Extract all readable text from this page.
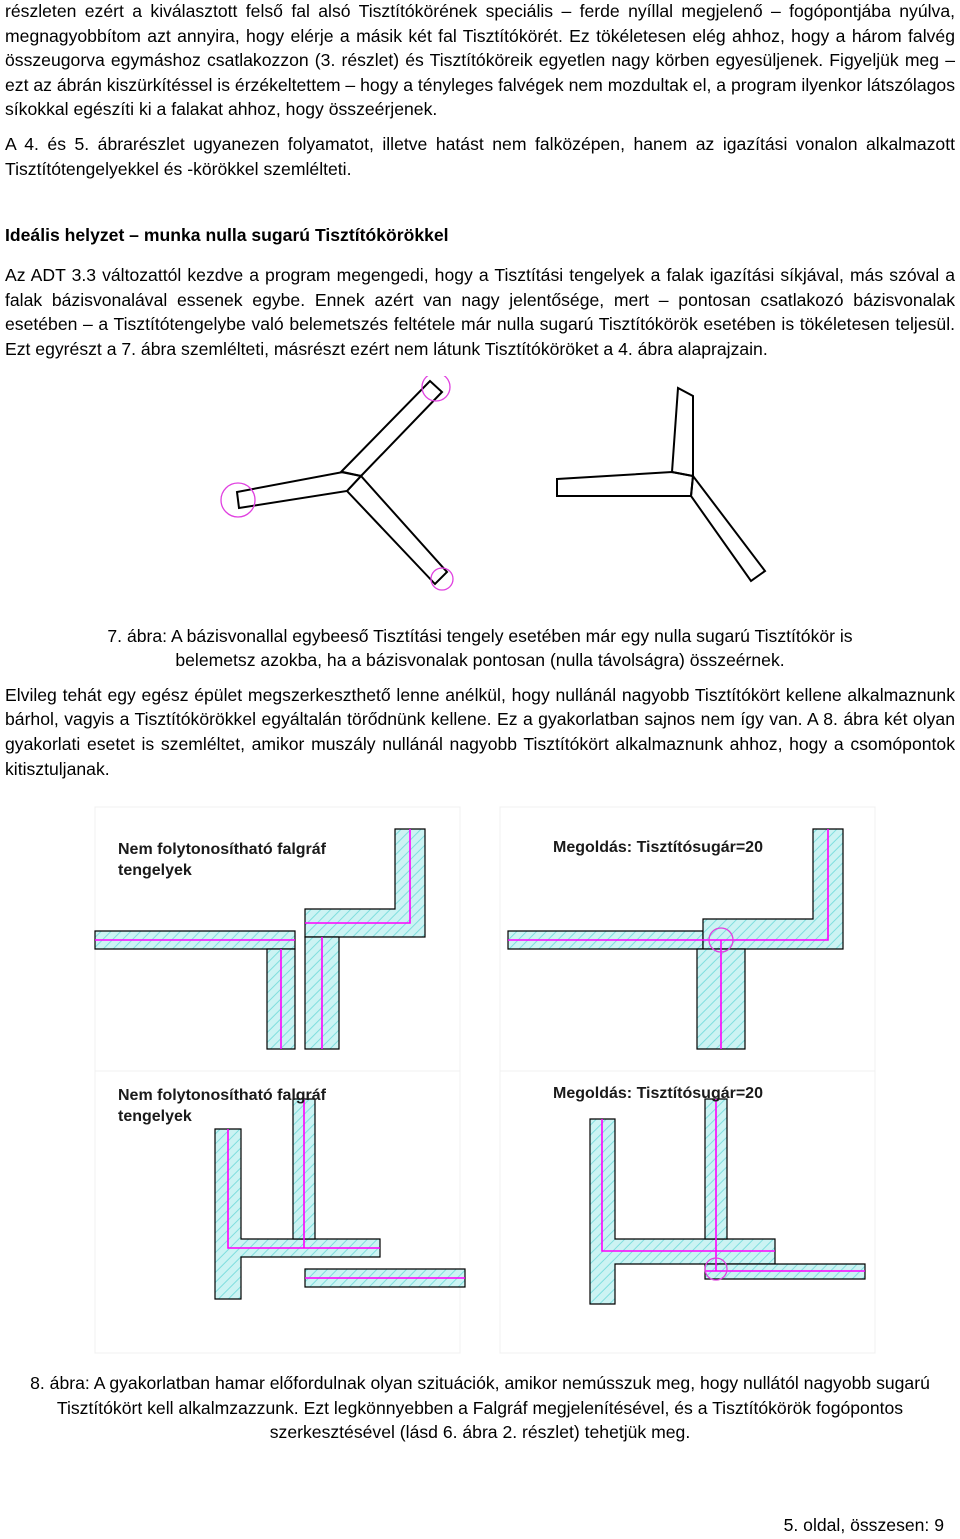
részleten ezért a kiválasztott felső fal alsó Tisztítókörének speciális – ferde nyíllal megjelenő – fogópontjába nyúlva, megnagyobbítom azt annyira, hogy elérje a másik két fal Tisztítókörét. Ez tökéletesen elég ahhoz, hogy a három falvég összeugorva egymáshoz csatlakozzon (3. részlet) és Tisztítóköreik egyetlen nagy körben egyesüljenek. Figyeljük meg – ezt az ábrán kiszürkítéssel is érzékeltettem – hogy a tényleges falvégek nem mozdultak el, a program ilyenkor látszólagos síkokkal egészíti ki a falakat ahhoz, hogy összeérjenek.

A 4. és 5. ábrarészlet ugyanezen folyamatot, illetve hatást nem falközépen, hanem az igazítási vonalon alkalmazott Tisztítótengelyekkel és -körökkel szemlélteti.

Ideális helyzet – munka nulla sugarú Tisztítókörökkel

Az ADT 3.3 változattól kezdve a program megengedi, hogy a Tisztítási tengelyek a falak igazítási síkjával, más szóval a falak bázisvonalával essenek egybe. Ennek azért van nagy jelentősége, mert – pontosan csatlakozó bázisvonalak esetében – a Tisztítótengelybe való belemetszés feltétele már nulla sugarú Tisztítókörök esetében is tökéletesen teljesül. Ezt egyrészt a 7. ábra szemlélteti, másrészt ezért nem látunk Tisztítóköröket a 4. ábra alaprajzain.

7. ábra: A bázisvonallal egybeeső Tisztítási tengely esetében már egy nulla sugarú Tisztítókör is belemetsz azokba, ha a bázisvonalak pontosan (nulla távolságra) összeérnek.

Elvileg tehát egy egész épület megszerkeszthető lenne anélkül, hogy nullánál nagyobb Tisztítókört kellene alkalmaznunk bárhol, vagyis a Tisztítókörökkel egyáltalán törődnünk kellene. Ez a gyakorlatban sajnos nem így van. A 8. ábra két olyan gyakorlati esetet is szemléltet, amikor muszály nullánál nagyobb Tisztítókört alkalmaznunk ahhoz, hogy a csomópontok kitisztuljanak.

Nem folytonosítható falgráf
tengelyek
Megoldás: Tisztítósugár=20
Nem folytonosítható falgráf
tengelyek
Megoldás: Tisztítósugár=20

8. ábra: A gyakorlatban hamar előfordulnak olyan szituációk, amikor nemússzuk meg, hogy nullától nagyobb sugarú Tisztítókört kell alkalmzazzunk. Ezt legkönnyebben a Falgráf megjelenítésével, és a Tisztítókörök fogópontos szerkesztésével (lásd 6. ábra 2. részlet) tehetjük meg.

5. oldal, összesen: 9
